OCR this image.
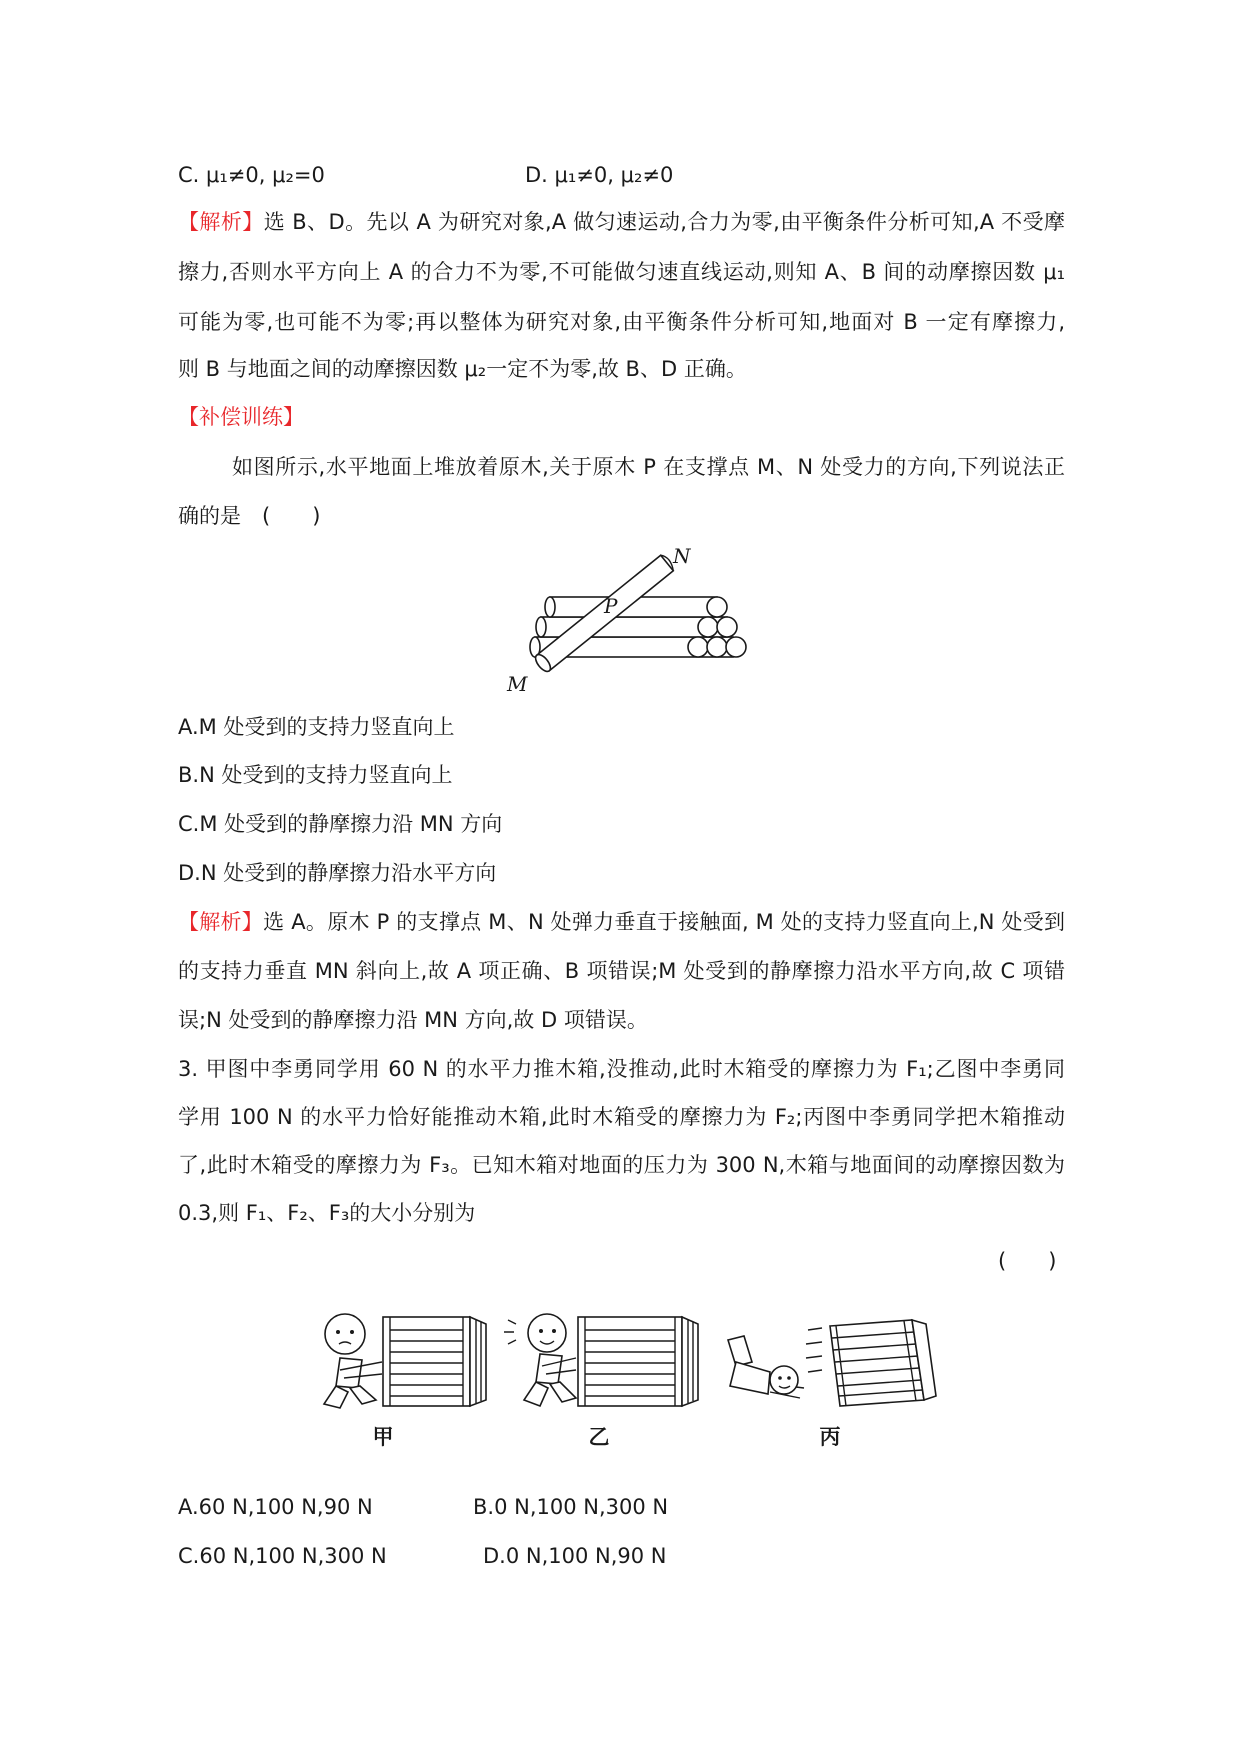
C. μ₁≠0, μ₂=0	D. μ₁≠0, μ₂≠0
【解析】选 B、D。先以 A 为研究对象,A 做匀速运动,合力为零,由平衡条件分析可知,A 不受摩
擦力,否则水平方向上 A 的合力不为零,不可能做匀速直线运动,则知 A、B 间的动摩擦因数 μ₁
可能为零,也可能不为零;再以整体为研究对象,由平衡条件分析可知,地面对 B 一定有摩擦力,
则 B 与地面之间的动摩擦因数 μ₂一定不为零,故 B、D 正确。
【补偿训练】
如图所示,水平地面上堆放着原木,关于原木 P 在支撑点 M、N 处受力的方向,下列说法正
确的是　(　　)
N
P
M
A.M 处受到的支持力竖直向上
B.N 处受到的支持力竖直向上
C.M 处受到的静摩擦力沿 MN 方向
D.N 处受到的静摩擦力沿水平方向
【解析】选 A。原木 P 的支撑点 M、N 处弹力垂直于接触面, M 处的支持力竖直向上,N 处受到
的支持力垂直 MN 斜向上,故 A 项正确、B 项错误;M 处受到的静摩擦力沿水平方向,故 C 项错
误;N 处受到的静摩擦力沿 MN 方向,故 D 项错误。
3. 甲图中李勇同学用 60 N 的水平力推木箱,没推动,此时木箱受的摩擦力为 F₁;乙图中李勇同
学用 100 N 的水平力恰好能推动木箱,此时木箱受的摩擦力为 F₂;丙图中李勇同学把木箱推动
了,此时木箱受的摩擦力为 F₃。已知木箱对地面的压力为 300 N,木箱与地面间的动摩擦因数为
0.3,则 F₁、F₂、F₃的大小分别为
(　　)
甲	乙	丙
A.60 N,100 N,90 N	B.0 N,100 N,300 N
C.60 N,100 N,300 N	D.0 N,100 N,90 N
